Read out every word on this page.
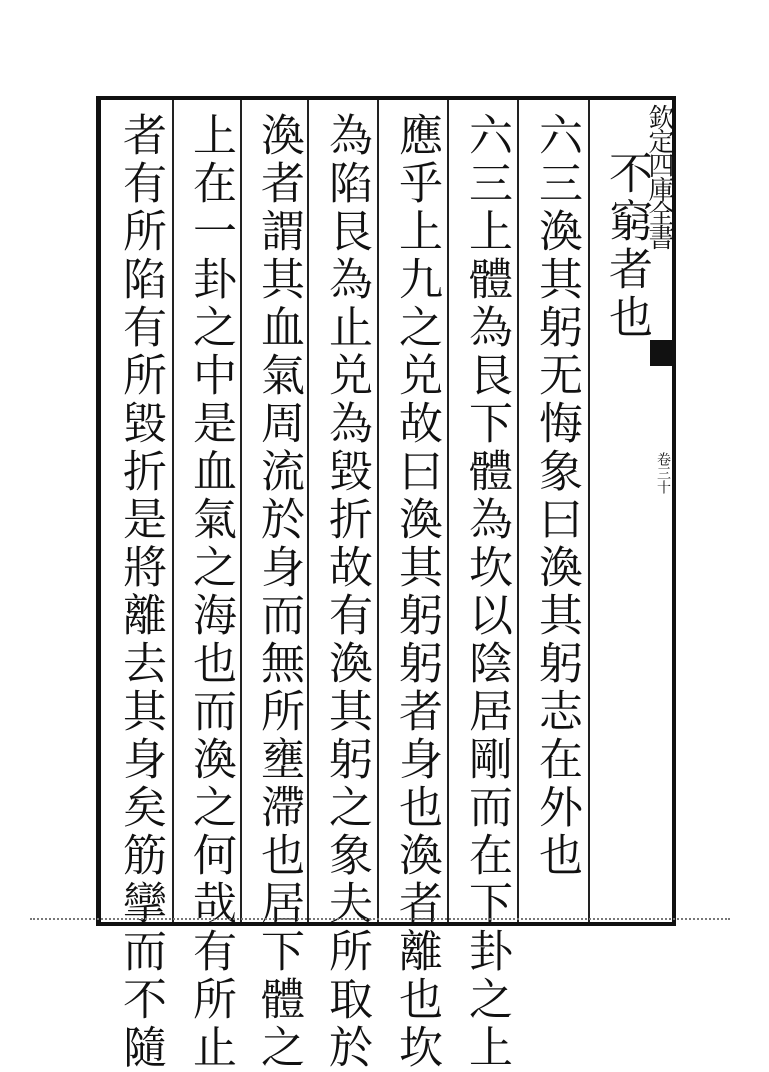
欽定四庫全書
卷三十
不窮者也
六三渙其躬无悔象曰渙其躬志在外也
六三上體為艮下體為坎以陰居剛而在下卦之上
應乎上九之兑故曰渙其躬躬者身也渙者離也坎
為陷艮為止兑為毀折故有渙其躬之象夫所取於
渙者謂其血氣周流於身而無所壅滯也居下體之
上在一卦之中是血氣之海也而渙之何哉有所止
者有所陷有所毀折是將離去其身矣筋攣而不隨
